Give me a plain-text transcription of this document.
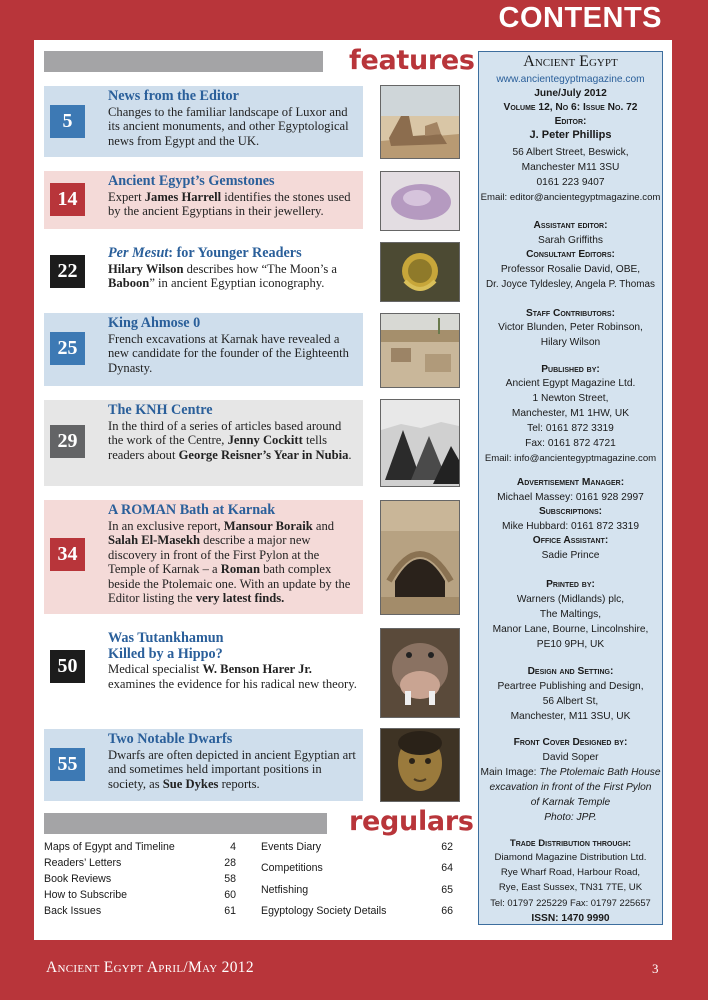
CONTENTS
features
5
News from the Editor
Changes to the familiar landscape of Luxor and its ancient monuments, and other Egyptological news from Egypt and the UK.
14
Ancient Egypt’s Gemstones
Expert James Harrell identifies the stones used by the ancient Egyptians in their jewellery.
22
Per Mesut: for Younger Readers
Hilary Wilson describes how “The Moon’s a Baboon” in ancient Egyptian iconography.
25
King Ahmose 0
French excavations at Karnak have revealed a new candidate for the founder of the Eighteenth Dynasty.
29
The KNH Centre
In the third of a series of articles based around the work of the Centre, Jenny Cockitt tells readers about George Reisner’s Year in Nubia.
34
A ROMAN Bath at Karnak
In an exclusive report, Mansour Boraik and Salah El-Masekh describe a major new discovery in front of the First Pylon at the Temple of Karnak – a Roman bath complex beside the Ptolemaic one. With an update by the Editor listing the very latest finds.
50
Was Tutankhamun Killed by a Hippo?
Medical specialist W. Benson Harer Jr. examines the evidence for his radical new theory.
55
Two Notable Dwarfs
Dwarfs are often depicted in ancient Egyptian art and sometimes held important positions in society, as Sue Dykes reports.
regulars
Maps of Egypt and Timeline	4
Readers’ Letters	28
Book Reviews	58
How to Subscribe	60
Back Issues	61
Events Diary	62
Competitions	64
Netfishing	65
Egyptology Society Details	66
Ancient Egypt
www.ancientegyptmagazine.com
June/July 2012
Volume 12, No 6: Issue No. 72
Editor:
J. Peter Phillips
56 Albert Street, Beswick,
Manchester M11 3SU
0161 223 9407
Email: editor@ancientegyptmagazine.com
Assistant editor:
Sarah Griffiths
Consultant Editors:
Professor Rosalie David, OBE,
Dr. Joyce Tyldesley, Angela P. Thomas
Staff Contributors:
Victor Blunden, Peter Robinson,
Hilary Wilson
Published by:
Ancient Egypt Magazine Ltd.
1 Newton Street,
Manchester, M1 1HW, UK
Tel: 0161 872 3319
Fax: 0161 872 4721
Email: info@ancientegyptmagazine.com
Advertisement Manager:
Michael Massey: 0161 928 2997
Subscriptions:
Mike Hubbard: 0161 872 3319
Office Assistant:
Sadie Prince
Printed by:
Warners (Midlands) plc,
The Maltings,
Manor Lane, Bourne, Lincolnshire,
PE10 9PH, UK
Design and Setting:
Peartree Publishing and Design,
56 Albert St,
Manchester, M11 3SU, UK
Front Cover Designed by:
David Soper
Main Image: The Ptolemaic Bath House
excavation in front of the First Pylon
of Karnak Temple
Photo: JPP.
Trade Distribution through:
Diamond Magazine Distribution Ltd.
Rye Wharf Road, Harbour Road,
Rye, East Sussex, TN31 7TE, UK
Tel: 01797 225229 Fax: 01797 225657
ISSN: 1470 9990
Ancient Egypt April/May 2012	3
